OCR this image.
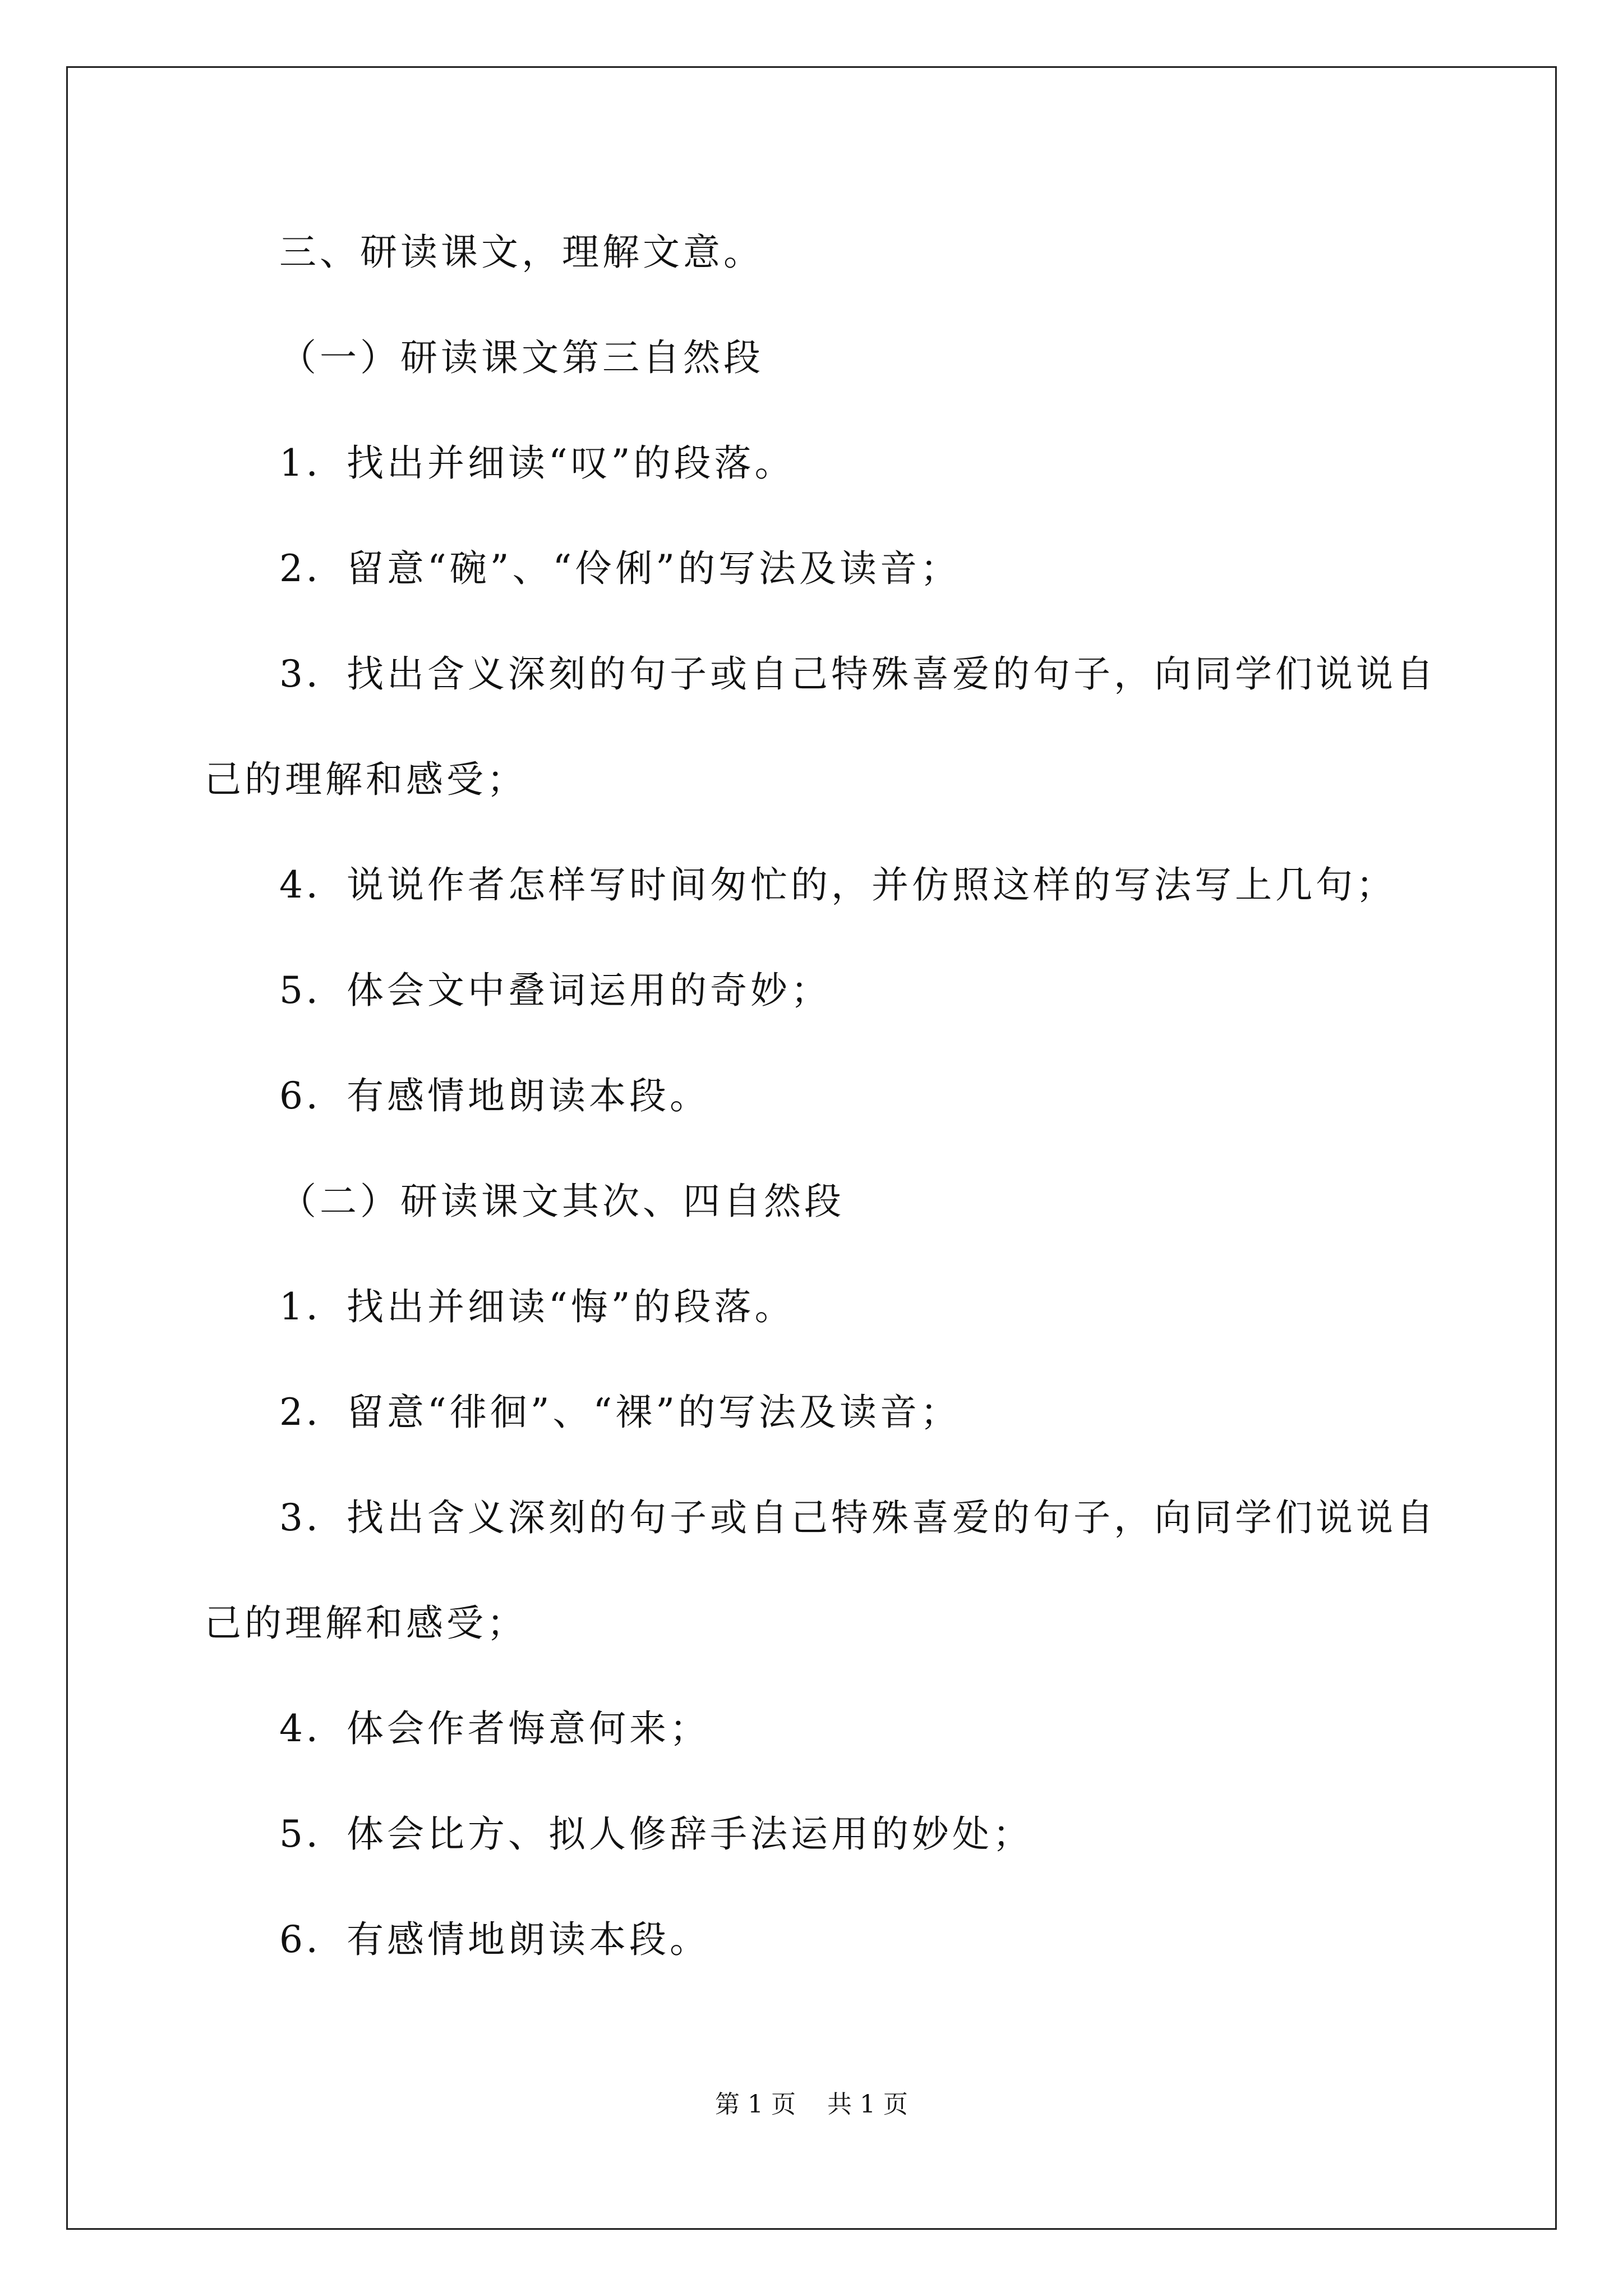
三、研读课文，理解文意。
（一）研读课文第三自然段
1．找出并细读“叹”的段落。
2．留意“碗”、“伶俐”的写法及读音；
3．找出含义深刻的句子或自己特殊喜爱的句子，向同学们说说自
己的理解和感受；
4．说说作者怎样写时间匆忙的，并仿照这样的写法写上几句；
5．体会文中叠词运用的奇妙；
6．有感情地朗读本段。
（二）研读课文其次、四自然段
1．找出并细读“悔”的段落。
2．留意“徘徊”、“裸”的写法及读音；
3．找出含义深刻的句子或自己特殊喜爱的句子，向同学们说说自
己的理解和感受；
4．体会作者悔意何来；
5．体会比方、拟人修辞手法运用的妙处；
6．有感情地朗读本段。
第 1 页    共 1 页
